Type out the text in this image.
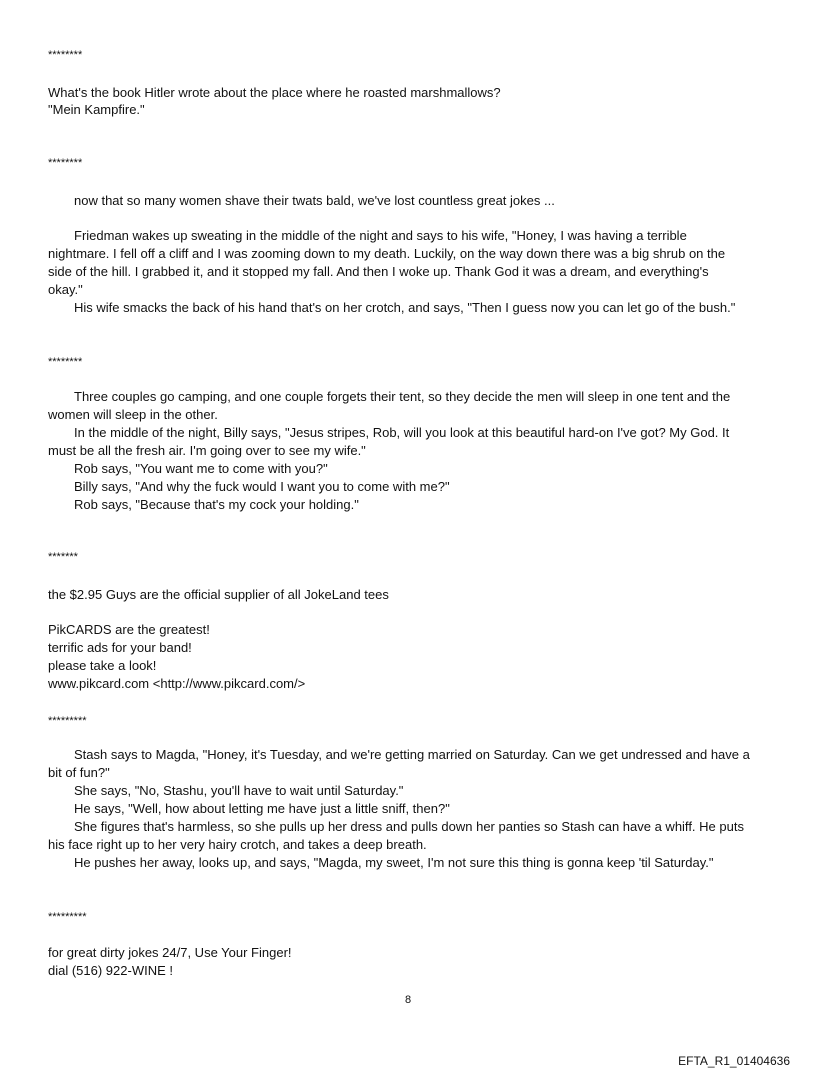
********
What's the book Hitler wrote about the place where he roasted marshmallows?
"Mein Kampfire."
********
now that so many women shave their twats bald, we've lost countless great jokes ...
Friedman wakes up sweating in the middle of the night and says to his wife, "Honey, I was having a terrible
nightmare. I fell off a cliff and I was zooming down to my death. Luckily, on the way down there was a big shrub on the
side of the hill. I grabbed it, and it stopped my fall. And then I woke up. Thank God it was a dream, and everything's
okay."
His wife smacks the back of his hand that's on her crotch, and says, "Then I guess now you can let go of the bush."
********
Three couples go camping, and one couple forgets their tent, so they decide the men will sleep in one tent and the
women will sleep in the other.
In the middle of the night, Billy says, "Jesus stripes, Rob, will you look at this beautiful hard-on I've got? My God. It
must be all the fresh air. I'm going over to see my wife."
Rob says, "You want me to come with you?"
Billy says, "And why the fuck would I want you to come with me?"
Rob says, "Because that's my cock your holding."
*******
the $2.95 Guys are the official supplier of all JokeLand tees
PikCARDS are the greatest!
terrific ads for your band!
please take a look!
www.pikcard.com <http://www.pikcard.com/>
*********
Stash says to Magda, "Honey, it's Tuesday, and we're getting married on Saturday. Can we get undressed and have a
bit of fun?"
She says, "No, Stashu, you'll have to wait until Saturday."
He says, "Well, how about letting me have just a little sniff, then?"
She figures that's harmless, so she pulls up her dress and pulls down her panties so Stash can have a whiff. He puts
his face right up to her very hairy crotch, and takes a deep breath.
He pushes her away, looks up, and says, "Magda, my sweet, I'm not sure this thing is gonna keep 'til Saturday."
*********
for great dirty jokes 24/7, Use Your Finger!
dial (516) 922-WINE !
8
EFTA_R1_01404636
